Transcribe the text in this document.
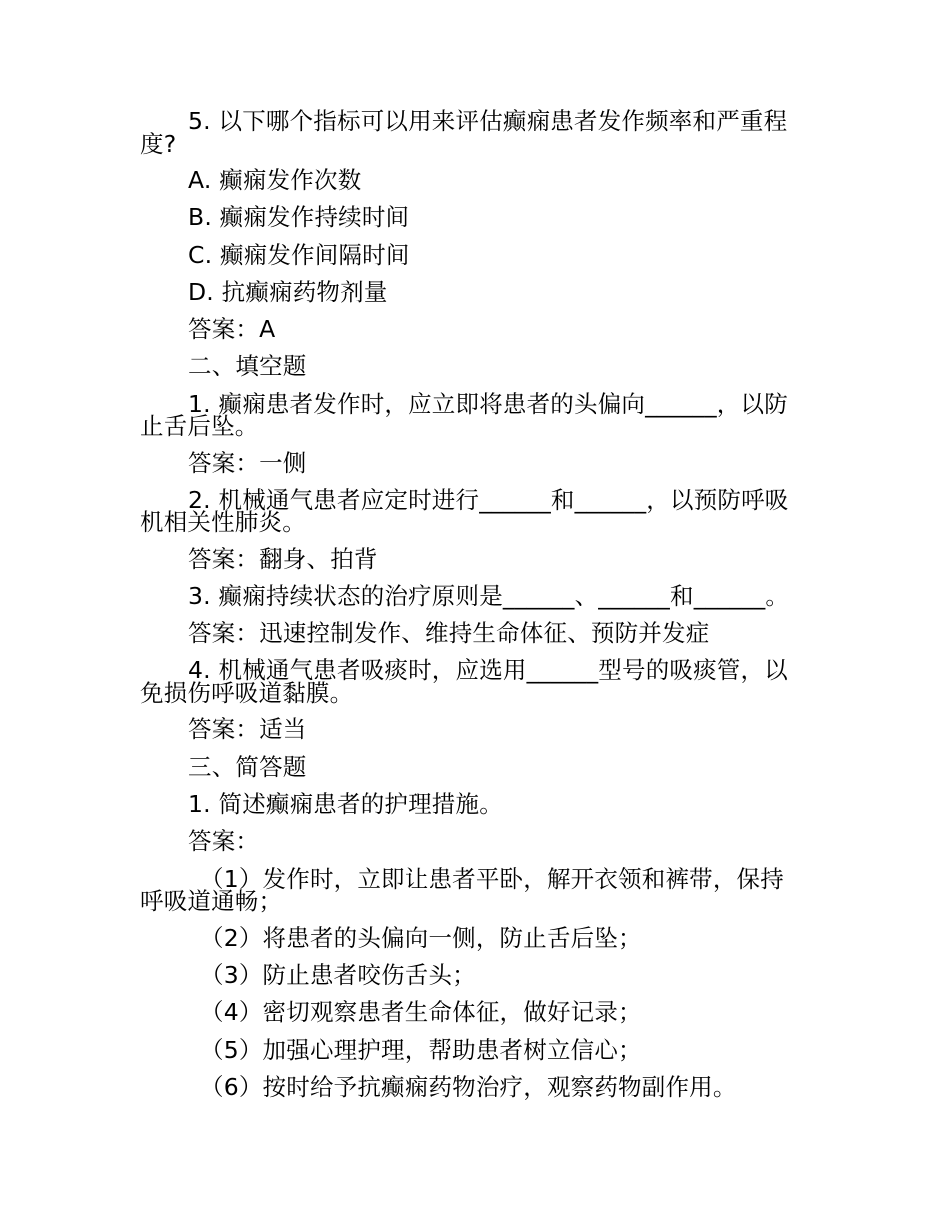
5. 以下哪个指标可以用来评估癫痫患者发作频率和严重程
度?
A. 癫痫发作次数
B. 癫痫发作持续时间
C. 癫痫发作间隔时间
D. 抗癫痫药物剂量
答案：A
二、填空题
1. 癫痫患者发作时，应立即将患者的头偏向______，以防
止舌后坠。
答案：一侧
2. 机械通气患者应定时进行______和______，以预防呼吸
机相关性肺炎。
答案：翻身、拍背
3. 癫痫持续状态的治疗原则是______、______和______。
答案：迅速控制发作、维持生命体征、预防并发症
4. 机械通气患者吸痰时，应选用______型号的吸痰管，以
免损伤呼吸道黏膜。
答案：适当
三、简答题
1. 简述癫痫患者的护理措施。
答案：
（1）发作时，立即让患者平卧，解开衣领和裤带，保持
呼吸道通畅；
（2）将患者的头偏向一侧，防止舌后坠；
（3）防止患者咬伤舌头；
（4）密切观察患者生命体征，做好记录；
（5）加强心理护理，帮助患者树立信心；
（6）按时给予抗癫痫药物治疗，观察药物副作用。
